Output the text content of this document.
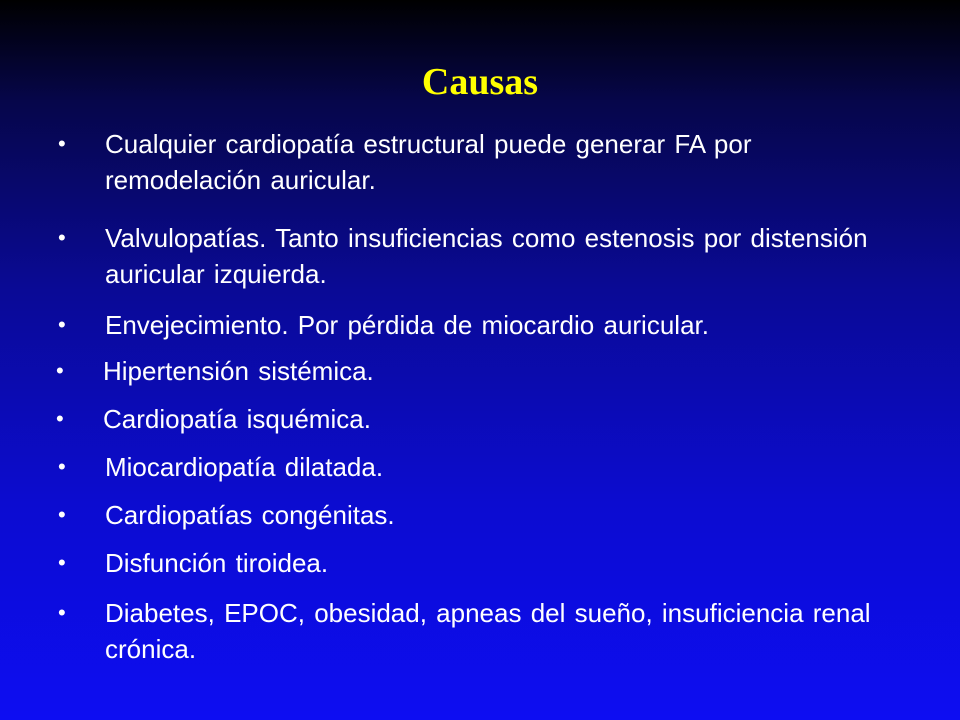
Causas
• Cualquier cardiopatía estructural puede generar FA por remodelación auricular.
• Valvulopatías. Tanto insuficiencias como estenosis por distensión auricular izquierda.
• Envejecimiento. Por pérdida de miocardio auricular.
• Hipertensión sistémica.
• Cardiopatía isquémica.
• Miocardiopatía dilatada.
• Cardiopatías congénitas.
• Disfunción tiroidea.
• Diabetes, EPOC, obesidad, apneas del sueño, insuficiencia renal crónica.
